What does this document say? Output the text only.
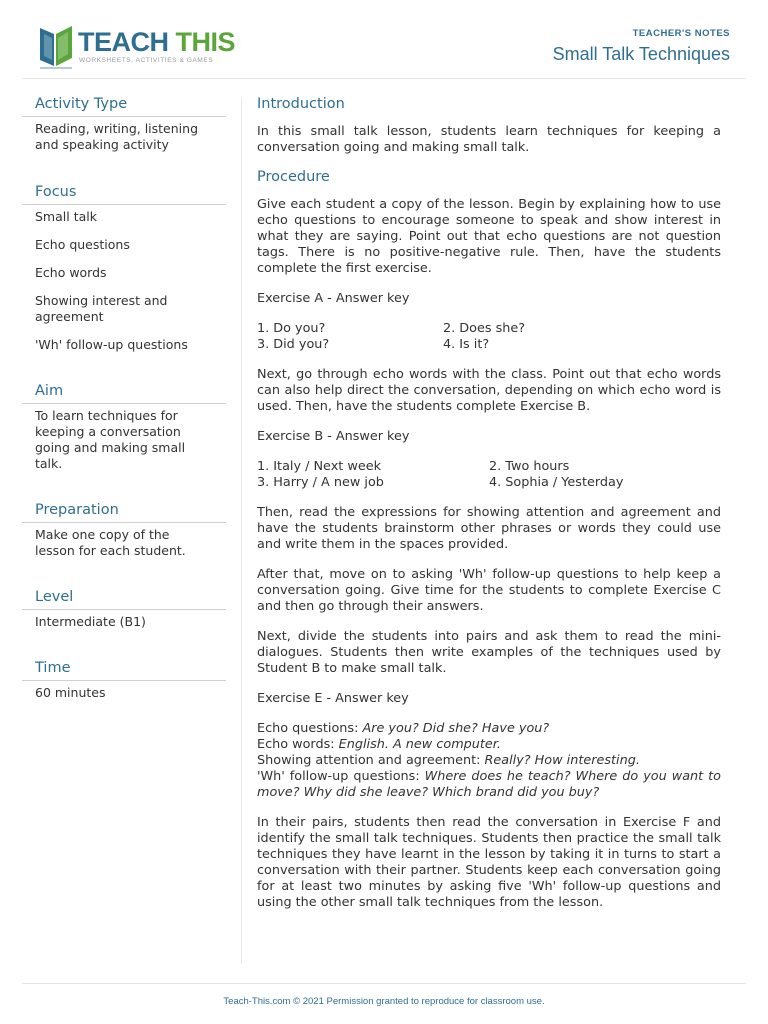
TEACH THIS
WORKSHEETS, ACTIVITIES & GAMES
TEACHER'S NOTES
Small Talk Techniques
Activity Type
Reading, writing, listening and speaking activity
Focus
Small talk
Echo questions
Echo words
Showing interest and agreement
'Wh' follow-up questions
Aim
To learn techniques for keeping a conversation going and making small talk.
Preparation
Make one copy of the lesson for each student.
Level
Intermediate (B1)
Time
60 minutes
Introduction
In this small talk lesson, students learn techniques for keeping a conversation going and making small talk.
Procedure
Give each student a copy of the lesson. Begin by explaining how to use echo questions to encourage someone to speak and show interest in what they are saying. Point out that echo questions are not question tags. There is no positive-negative rule. Then, have the students complete the first exercise.
Exercise A - Answer key
1. Do you?	2. Does she?
3. Did you?	4. Is it?
Next, go through echo words with the class. Point out that echo words can also help direct the conversation, depending on which echo word is used. Then, have the students complete Exercise B.
Exercise B - Answer key
1. Italy / Next week	2. Two hours
3. Harry / A new job	4. Sophia / Yesterday
Then, read the expressions for showing attention and agreement and have the students brainstorm other phrases or words they could use and write them in the spaces provided.
After that, move on to asking 'Wh' follow-up questions to help keep a conversation going. Give time for the students to complete Exercise C and then go through their answers.
Next, divide the students into pairs and ask them to read the mini-dialogues. Students then write examples of the techniques used by Student B to make small talk.
Exercise E - Answer key
Echo questions: Are you? Did she? Have you?
Echo words: English. A new computer.
Showing attention and agreement: Really? How interesting.
'Wh' follow-up questions: Where does he teach? Where do you want to move? Why did she leave? Which brand did you buy?
In their pairs, students then read the conversation in Exercise F and identify the small talk techniques. Students then practice the small talk techniques they have learnt in the lesson by taking it in turns to start a conversation with their partner. Students keep each conversation going for at least two minutes by asking five 'Wh' follow-up questions and using the other small talk techniques from the lesson.
Teach-This.com © 2021 Permission granted to reproduce for classroom use.
